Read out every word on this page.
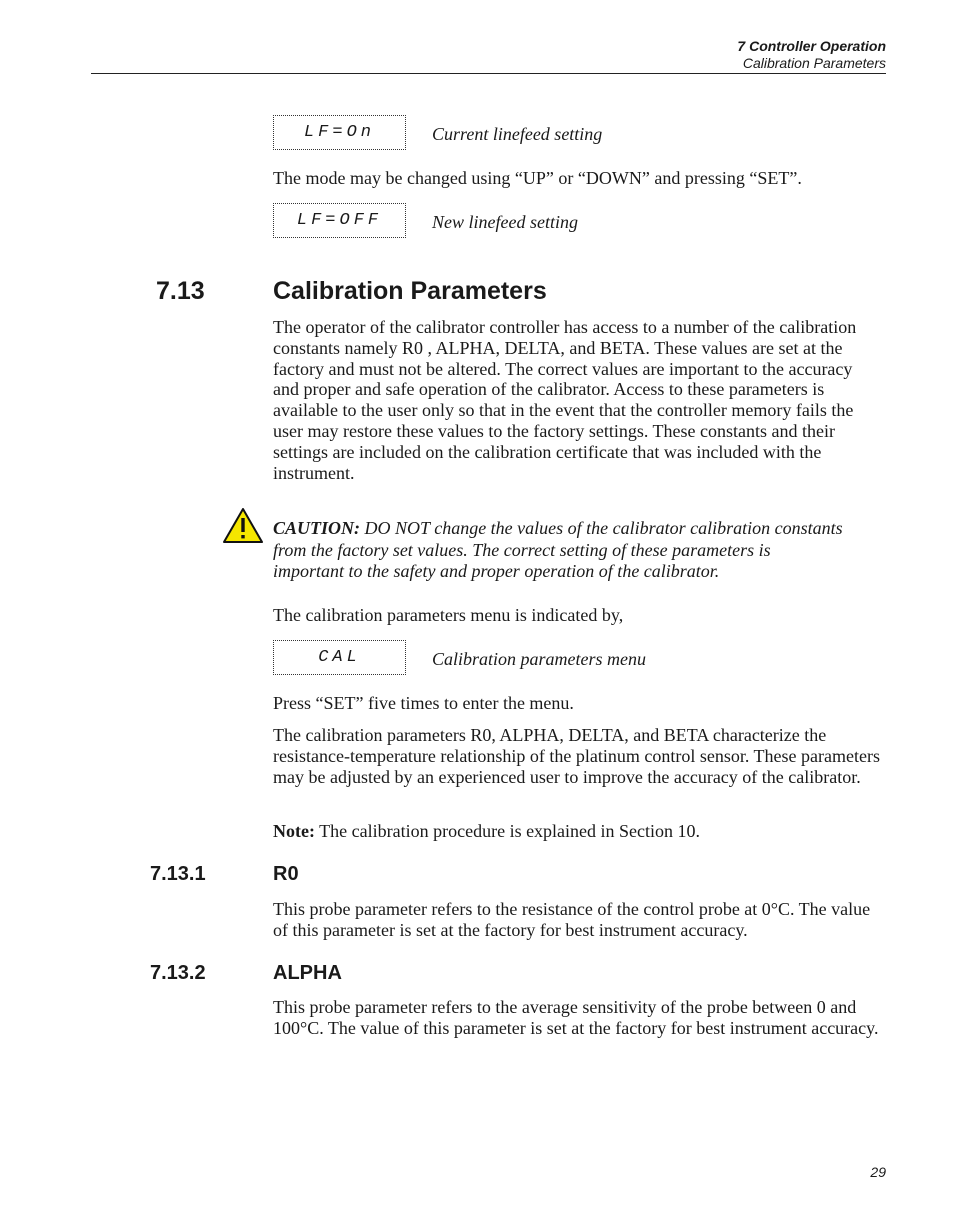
7 Controller Operation
Calibration Parameters
LF=On	Current linefeed setting

The mode may be changed using “UP” or “DOWN” and pressing “SET”.

LF=OFF	New linefeed setting
7.13	Calibration Parameters

The operator of the calibrator controller has access to a number of the calibration constants namely R0 , ALPHA, DELTA, and BETA. These values are set at the factory and must not be altered. The correct values are important to the accuracy and proper and safe operation of the calibrator. Access to these parameters is available to the user only so that in the event that the controller memory fails the user may restore these values to the factory settings. These constants and their settings are included on the calibration certificate that was included with the instrument.

CAUTION: DO NOT change the values of the calibrator calibration constants from the factory set values. The correct setting of these parameters is important to the safety and proper operation of the calibrator.

The calibration parameters menu is indicated by,

CAL	Calibration parameters menu

Press “SET” five times to enter the menu.

The calibration parameters R0, ALPHA, DELTA, and BETA characterize the resistance-temperature relationship of the platinum control sensor. These parameters may be adjusted by an experienced user to improve the accuracy of the calibrator.

Note: The calibration procedure is explained in Section 10.

7.13.1	R0

This probe parameter refers to the resistance of the control probe at 0°C. The value of this parameter is set at the factory for best instrument accuracy.

7.13.2	ALPHA

This probe parameter refers to the average sensitivity of the probe between 0 and 100°C. The value of this parameter is set at the factory for best instrument accuracy.

29
